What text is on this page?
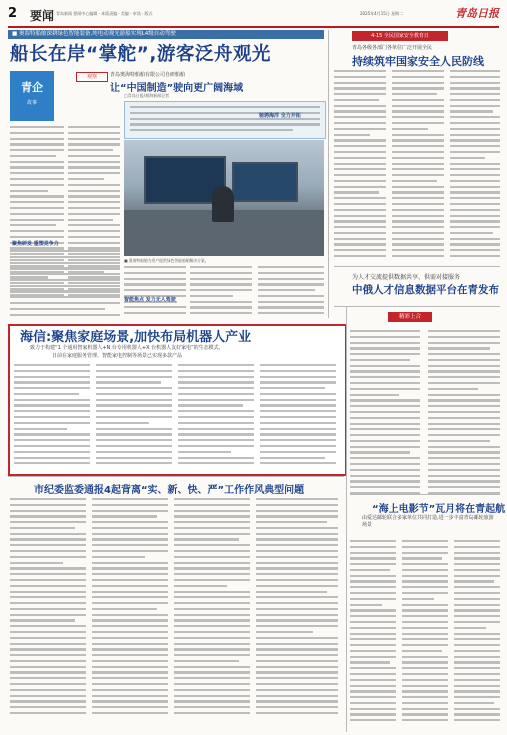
2 要闻 青岛新闻 要闻中心编辑 · 本版责编 · 美编 · 审读 · 版式	2025年4月15日 星期二	青岛日报
■ 奥海特船舶深耕绿色智能装备,纯电动观光游船实现L4级自动驾驶
船长在岸“掌舵”,游客泛舟观光
青企
故事
观察	青岛奥海特船舶有限公司自研船舶
让“中国制造”驶向更广阔海域
□青岛日报/观海新闻记者
■ 奥海特船舶为用户提供绿色智能船舶解决方案。
聚焦研发 重塑竞争力
智能焦点 发力无人驾驶
驰骋海洋 全力开拓
4·15 全民国家安全教育日
青岛各级各部门各单位广泛开展全民
持续筑牢国家安全人民防线
为人才交流提供数据共享、供需对接服务
中俄人才信息数据平台在青发布
精彩上合
“海上电影节”瓦月将在青起航
由爱达邮轮联合多家单位共同打造,进一步丰富青岛邮轮旅游场景
海信:聚焦家庭场景,加快布局机器人产业
致力于构建“1 个通用智家机器人+N 台专用机器人+X 台机器人友好家电”的生态模式,
日前在家庭服务管理、智能家电控制等场景已实现多款产品
市纪委监委通报4起背离“实、新、快、严”工作作风典型问题
